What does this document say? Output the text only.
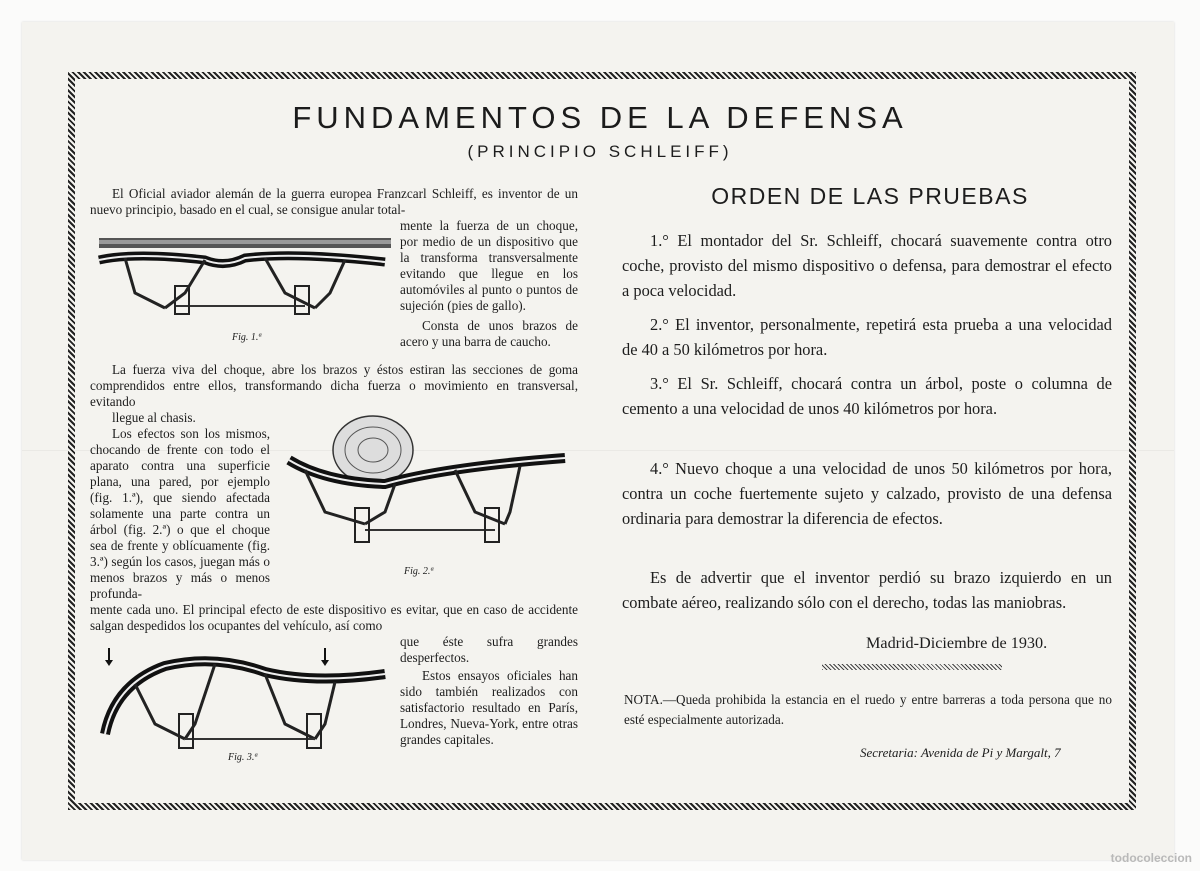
FUNDAMENTOS DE LA DEFENSA
(PRINCIPIO SCHLEIFF)
El Oficial aviador alemán de la guerra europea Franzcarl Schleiff, es inventor de un nuevo principio, basado en el cual, se consigue anular total-
mente la fuerza de un choque, por medio de un dispositivo que la transforma transversalmente evitando que llegue en los automóviles al punto o puntos de sujeción (pies de gallo).
Consta de unos brazos de acero y una barra de caucho.
Fig. 1.ª
La fuerza viva del choque, abre los brazos y éstos estiran las secciones de goma comprendidos entre ellos, transformando dicha fuerza o movimiento en transversal, evitando
llegue al chasis.
Los efectos son los mismos, chocando de frente con todo el aparato contra una superficie plana, una pared, por ejemplo (fig. 1.ª), que siendo afectada solamente una parte contra un árbol (fig. 2.ª) o que el choque sea de frente y oblícuamente (fig. 3.ª) según los casos, juegan más o menos brazos y más o menos profunda-
Fig. 2.ª
mente cada uno. El principal efecto de este dispositivo es evitar, que en caso de accidente salgan despedidos los ocupantes del vehículo, así como
que éste sufra grandes desperfectos.
Fig. 3.ª
Estos ensayos oficiales han sido también realizados con satisfactorio resultado en París, Londres, Nueva-York, entre otras grandes capitales.
ORDEN DE LAS PRUEBAS
1.° El montador del Sr. Schleiff, chocará suavemente contra otro coche, provisto del mismo dispositivo o defensa, para demostrar el efecto a poca velocidad.
2.° El inventor, personalmente, repetirá esta prueba a una velocidad de 40 a 50 kilómetros por hora.
3.° El Sr. Schleiff, chocará contra un árbol, poste o columna de cemento a una velocidad de unos 40 kilómetros por hora.
4.° Nuevo choque a una velocidad de unos 50 kilómetros por hora, contra un coche fuertemente sujeto y calzado, provisto de una defensa ordinaria para demostrar la diferencia de efectos.
Es de advertir que el inventor perdió su brazo izquierdo en un combate aéreo, realizando sólo con el derecho, todas las maniobras.
Madrid-Diciembre de 1930.
NOTA.—Queda prohibida la estancia en el ruedo y entre barreras a toda persona que no esté especialmente autorizada.
Secretaria: Avenida de Pi y Margalt, 7
todocoleccion
